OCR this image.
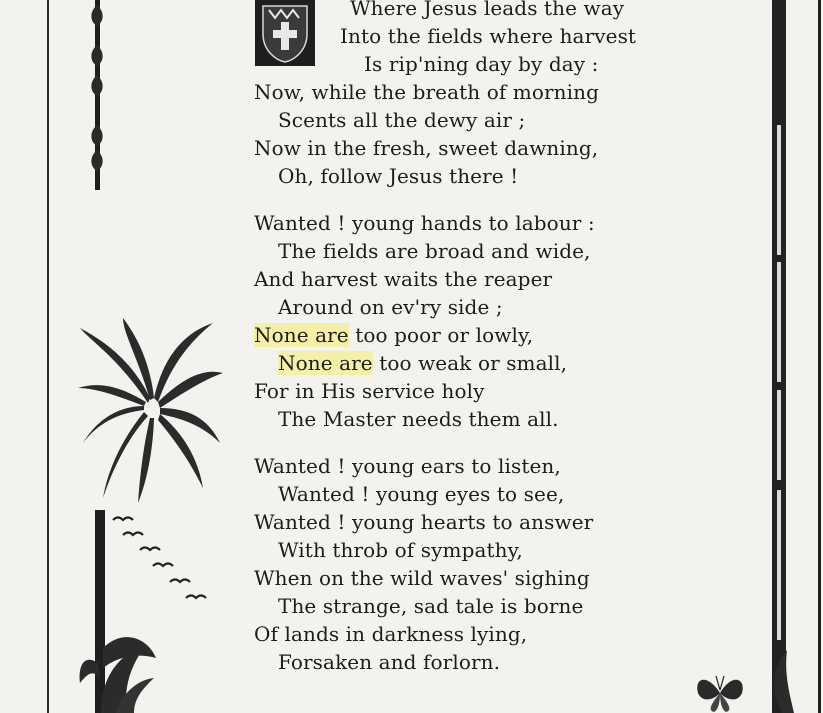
Where Jesus leads the way
Into the fields where harvest
Is rip'ning day by day :
Now, while the breath of morning
Scents all the dewy air ;
Now in the fresh, sweet dawning,
Oh, follow Jesus there !
Wanted ! young hands to labour :
The fields are broad and wide,
And harvest waits the reaper
Around on ev'ry side ;
None are too poor or lowly,
None are too weak or small,
For in His service holy
The Master needs them all.
Wanted ! young ears to listen,
Wanted ! young eyes to see,
Wanted ! young hearts to answer
With throb of sympathy,
When on the wild waves' sighing
The strange, sad tale is borne
Of lands in darkness lying,
Forsaken and forlorn.
